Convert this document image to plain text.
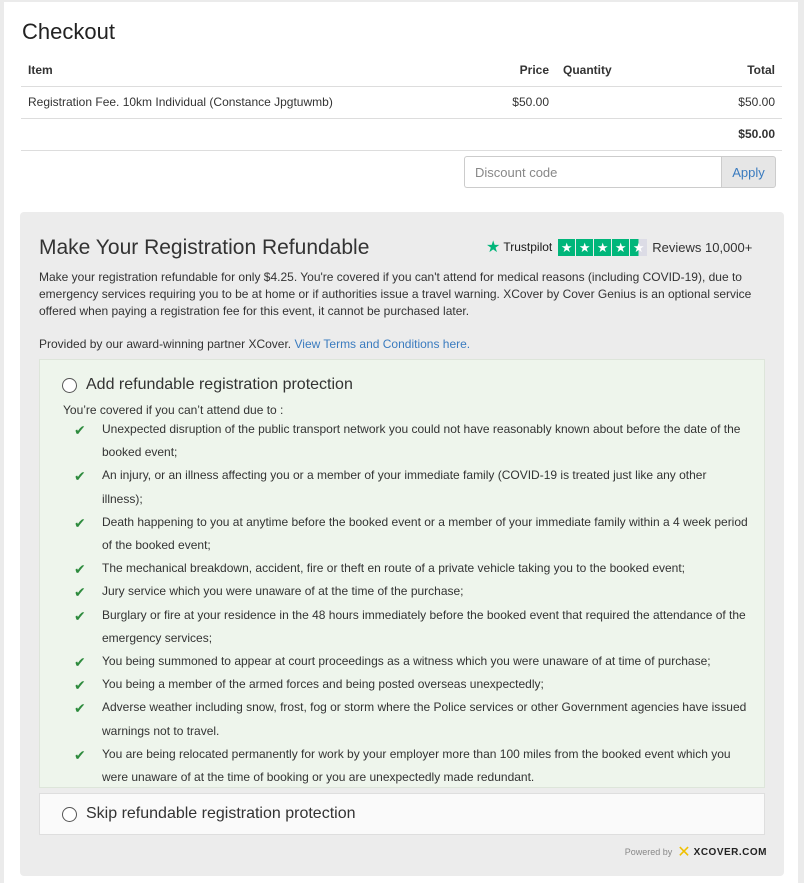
Checkout
Item	Price	Quantity	Total
Registration Fee. 10km Individual (Constance Jpgtuwmb)	$50.00		$50.00
			$50.00
Discount code
Apply
Make Your Registration Refundable	★ Trustpilot ★ ★ ★ ★ ★ Reviews 10,000+

Make your registration refundable for only $4.25. You're covered if you can't attend for medical reasons (including COVID-19), due to emergency services requiring you to be at home or if authorities issue a travel warning. XCover by Cover Genius is an optional service offered when paying a registration fee for this event, it cannot be purchased later.

Provided by our award-winning partner XCover. View Terms and Conditions here.

Add refundable registration protection
You’re covered if you can’t attend due to :
✔ Unexpected disruption of the public transport network you could not have reasonably known about before the date of the booked event;
✔ An injury, or an illness affecting you or a member of your immediate family (COVID-19 is treated just like any other illness);
✔ Death happening to you at anytime before the booked event or a member of your immediate family within a 4 week period of the booked event;
✔ The mechanical breakdown, accident, fire or theft en route of a private vehicle taking you to the booked event;
✔ Jury service which you were unaware of at the time of the purchase;
✔ Burglary or fire at your residence in the 48 hours immediately before the booked event that required the attendance of the emergency services;
✔ You being summoned to appear at court proceedings as a witness which you were unaware of at time of purchase;
✔ You being a member of the armed forces and being posted overseas unexpectedly;
✔ Adverse weather including snow, frost, fog or storm where the Police services or other Government agencies have issued warnings not to travel.
✔ You are being relocated permanently for work by your employer more than 100 miles from the booked event which you were unaware of at the time of booking or you are unexpectedly made redundant.
Skip refundable registration protection
Powered by ✕ XCOVER.COM
